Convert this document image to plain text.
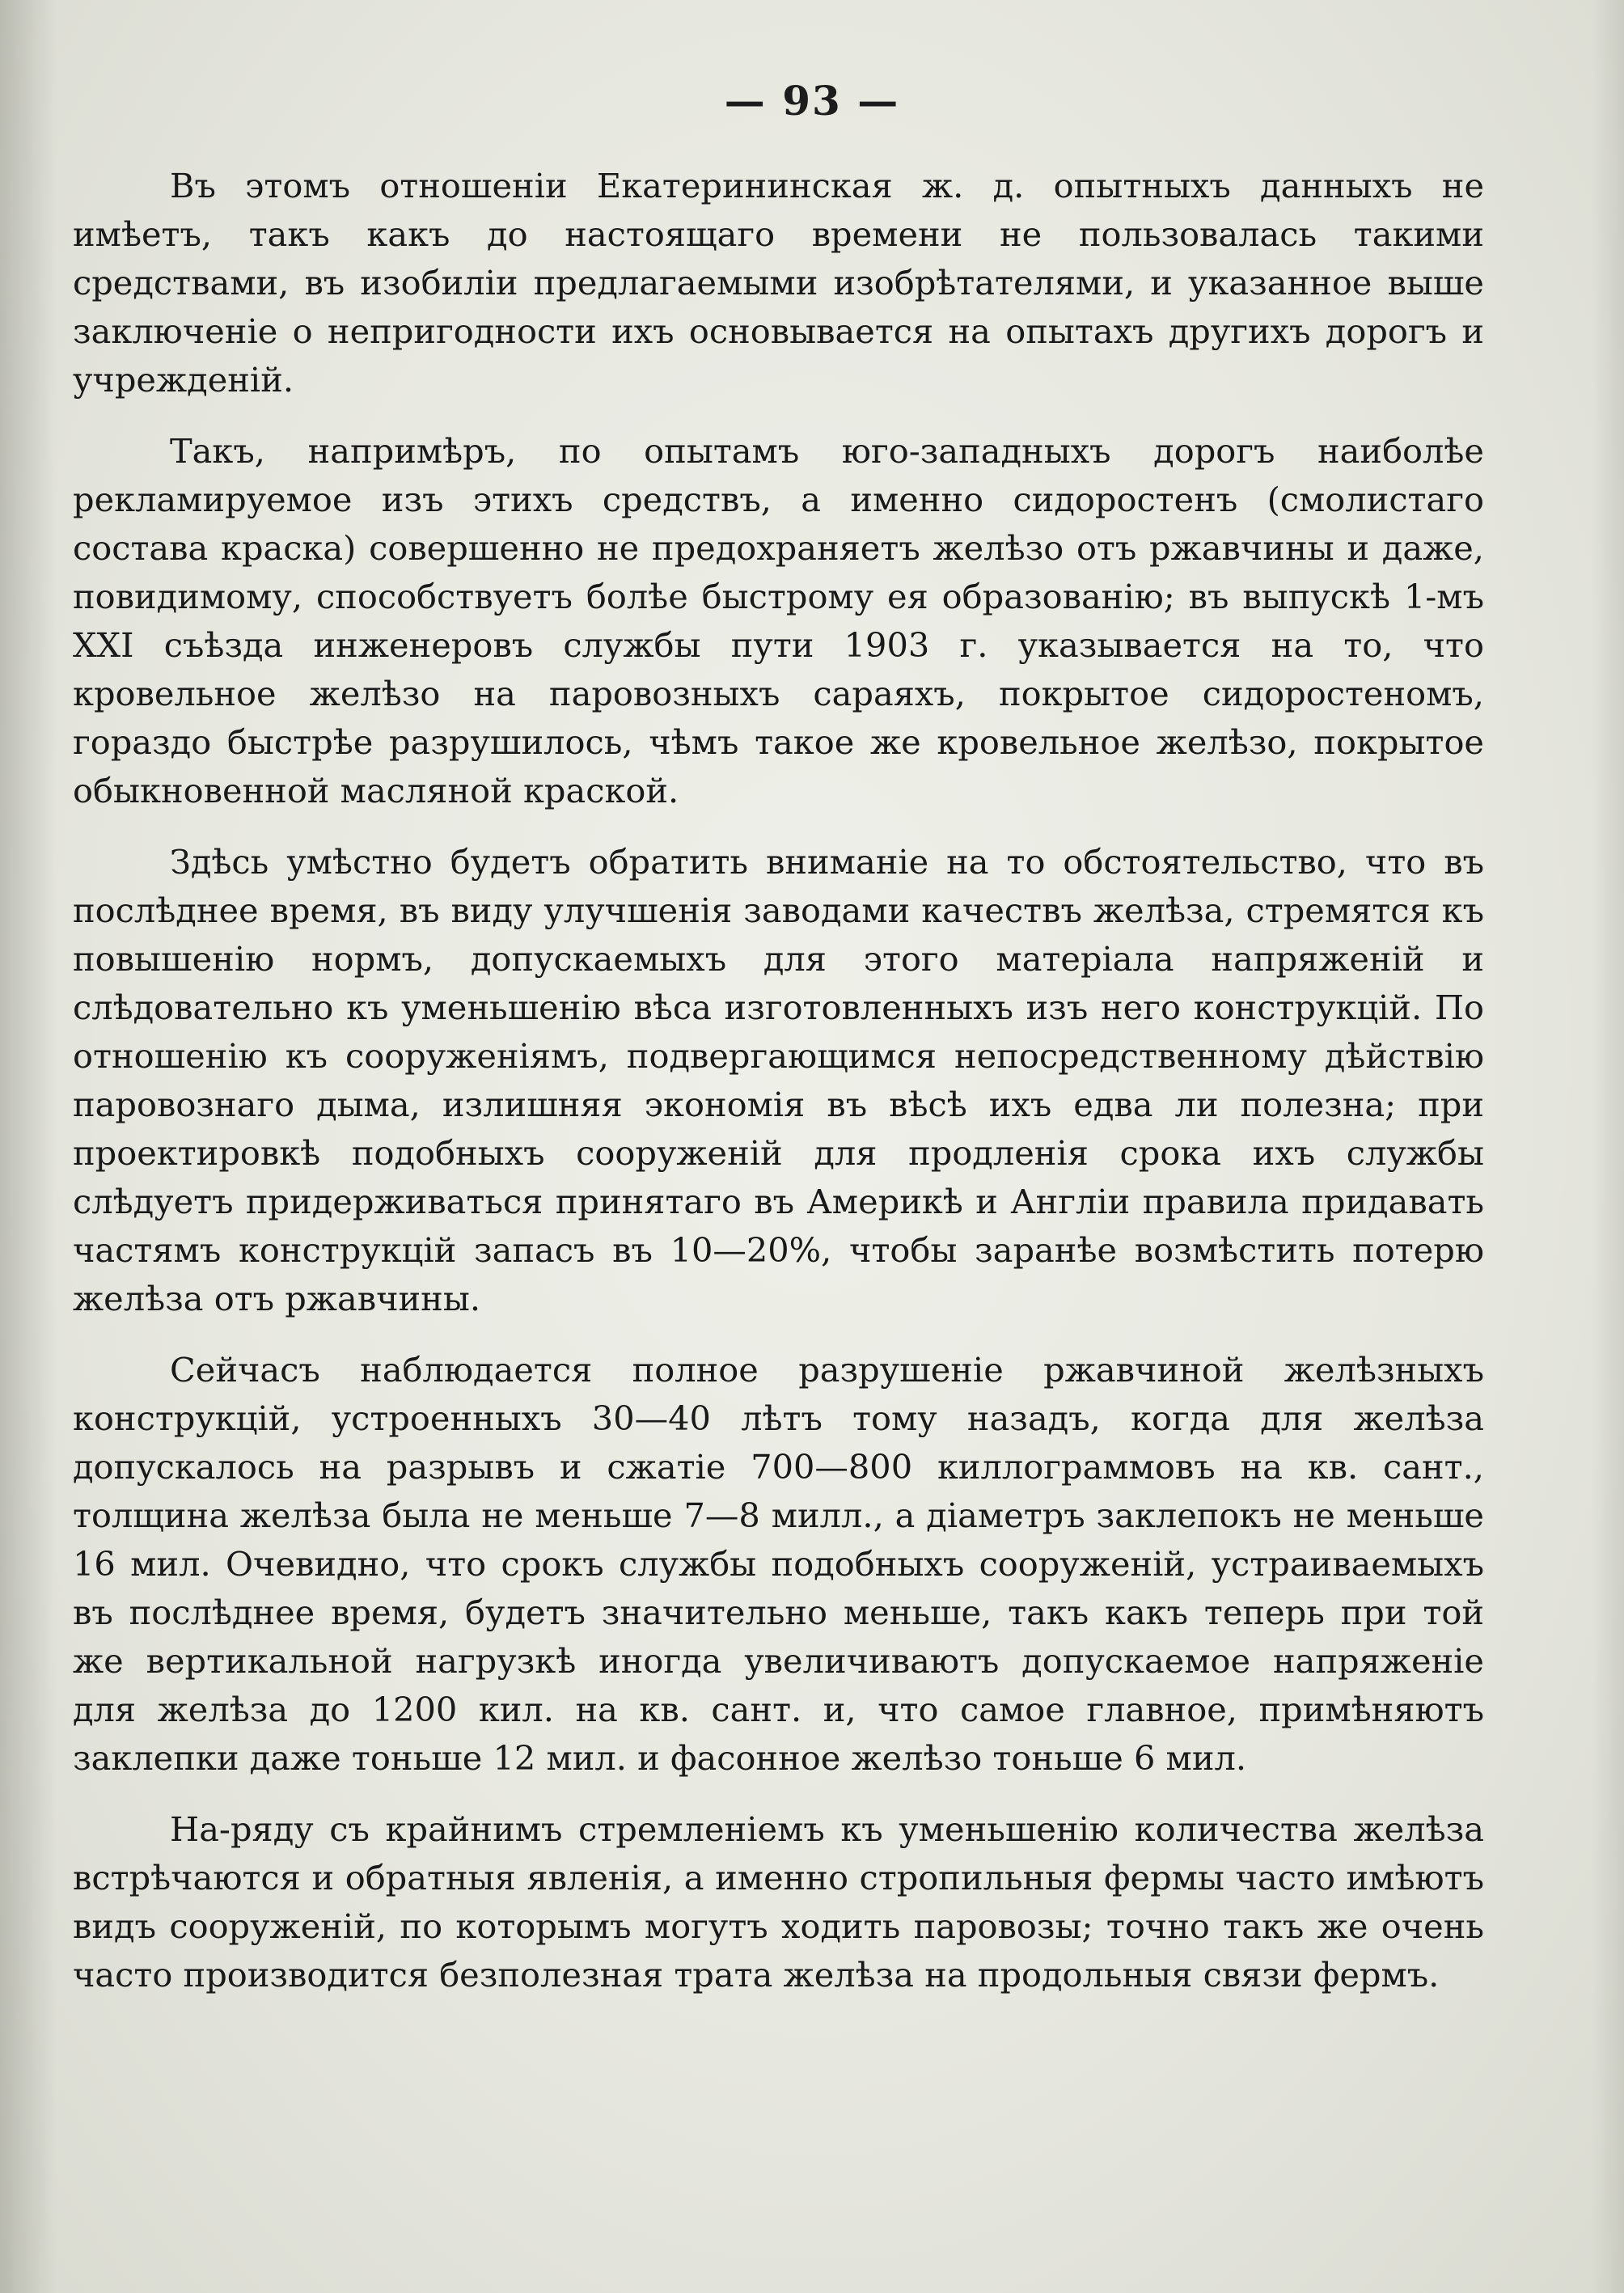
— 93 —

Въ этомъ отношеніи Екатерининская ж. д. опытныхъ данныхъ не имѣетъ, такъ какъ до настоящаго времени не пользовалась такими средствами, въ изобиліи предлагаемыми изобрѣтателями, и указанное выше заключеніе о непригодности ихъ основывается на опытахъ другихъ дорогъ и учрежденій.

Такъ, напримѣръ, по опытамъ юго-западныхъ дорогъ наиболѣе рекламируемое изъ этихъ средствъ, а именно сидоростенъ (смолистаго состава краска) совершенно не предохраняетъ желѣзо отъ ржавчины и даже, повидимому, способствуетъ болѣе быстрому ея образованію; въ выпускѣ 1-мъ XXI съѣзда инженеровъ службы пути 1903 г. указывается на то, что кровельное желѣзо на паровозныхъ сараяхъ, покрытое сидоростеномъ, гораздо быстрѣе разрушилось, чѣмъ такое же кровельное желѣзо, покрытое обыкновенной масляной краской.

Здѣсь умѣстно будетъ обратить вниманіе на то обстоятельство, что въ послѣднее время, въ виду улучшенія заводами качествъ желѣза, стремятся къ повышенію нормъ, допускаемыхъ для этого матеріала напряженій и слѣдовательно къ уменьшенію вѣса изготовленныхъ изъ него конструкцій. По отношенію къ сооруженіямъ, подвергающимся непосредственному дѣйствію паровознаго дыма, излишняя экономія въ вѣсѣ ихъ едва ли полезна; при проектировкѣ подобныхъ сооруженій для продленія срока ихъ службы слѣдуетъ придерживаться принятаго въ Америкѣ и Англіи правила придавать частямъ конструкцій запасъ въ 10—20%, чтобы заранѣе возмѣстить потерю желѣза отъ ржавчины.

Сейчасъ наблюдается полное разрушеніе ржавчиной желѣзныхъ конструкцій, устроенныхъ 30—40 лѣтъ тому назадъ, когда для желѣза допускалось на разрывъ и сжатіе 700—800 киллограммовъ на кв. сант., толщина желѣза была не меньше 7—8 милл., а діаметръ заклепокъ не меньше 16 мил. Очевидно, что срокъ службы подобныхъ сооруженій, устраиваемыхъ въ послѣднее время, будетъ значительно меньше, такъ какъ теперь при той же вертикальной нагрузкѣ иногда увеличиваютъ допускаемое напряженіе для желѣза до 1200 кил. на кв. сант. и, что самое главное, примѣняютъ заклепки даже тоньше 12 мил. и фасонное желѣзо тоньше 6 мил.

На-ряду съ крайнимъ стремленіемъ къ уменьшенію количества желѣза встрѣчаются и обратныя явленія, а именно стропильныя фермы часто имѣютъ видъ сооруженій, по которымъ могутъ ходить паровозы; точно такъ же очень часто производится безполезная трата желѣза на продольныя связи фермъ.
